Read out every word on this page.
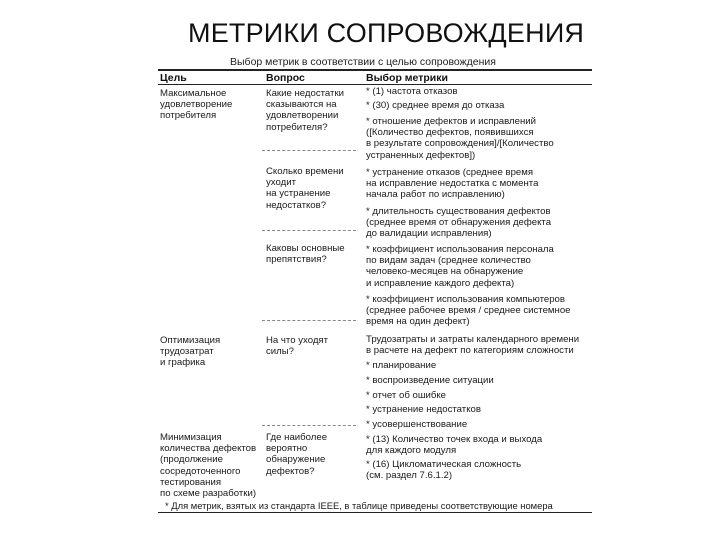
МЕТРИКИ СОПРОВОЖДЕНИЯ
Выбор метрик в соответствии с целью сопровождения
Цель	Вопрос	Выбор метрики
Максимальное
удовлетворение
потребителя
Оптимизация
трудозатрат
и графика
Минимизация
количества дефектов
(продолжение
сосредоточенного
тестирования
по схеме разработки)
Какие недостатки
сказываются на
удовлетворении
потребителя?
Сколько времени
уходит
на устранение
недостатков?
Каковы основные
препятствия?
На что уходят
силы?
Где наиболее
вероятно
обнаружение
дефектов?
* (1) частота отказов
* (30) среднее время до отказа
* отношение дефектов и исправлений
([Количество дефектов, появившихся
в результате сопровождения]/[Количество
устраненных дефектов])
* устранение отказов (среднее время
на исправление недостатка с момента
начала работ по исправлению)
* длительность существования дефектов
(среднее время от обнаружения дефекта
до валидации исправления)
* коэффициент использования персонала
по видам задач (среднее количество
человеко-месяцев на обнаружение
и исправление каждого дефекта)
* коэффициент использования компьютеров
(среднее рабочее время / среднее системное
время на один дефект)
Трудозатраты и затраты календарного времени
в расчете на дефект по категориям сложности
* планирование
* воспроизведение ситуации
* отчет об ошибке
* устранение недостатков
* усовершенствование
* (13) Количество точек входа и выхода
для каждого модуля
* (16) Цикломатическая сложность
(см. раздел 7.6.1.2)
* Для метрик, взятых из стандарта IEEE, в таблице приведены соответствующие номера
